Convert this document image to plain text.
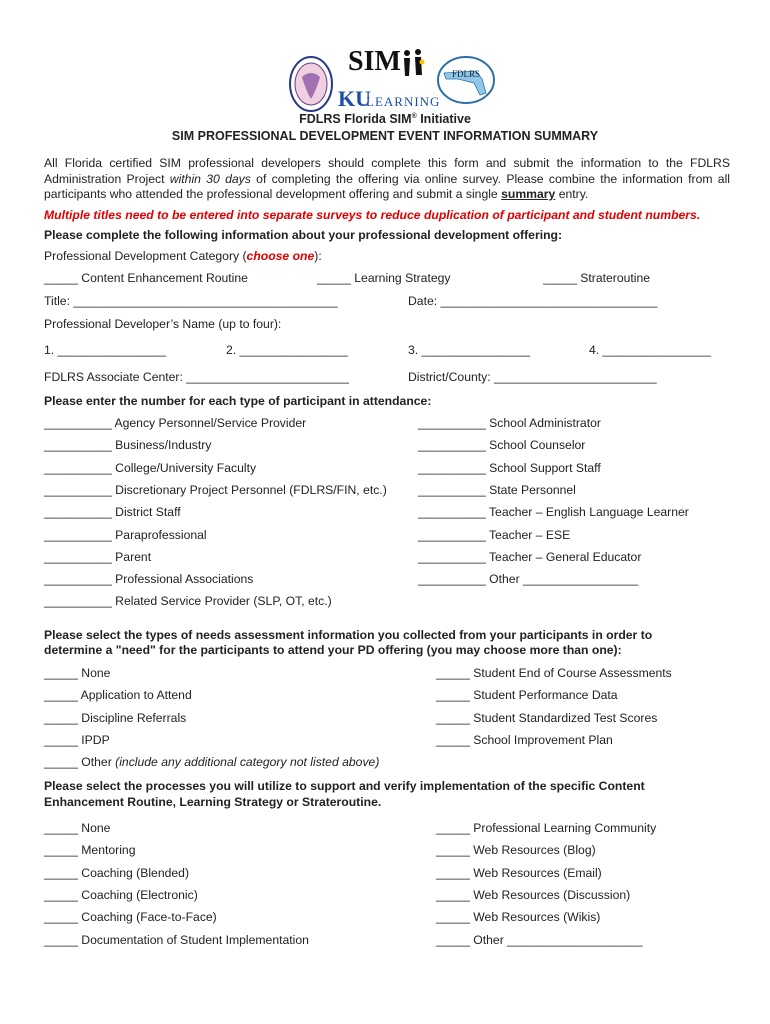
SIM

KU
LEARNING
FDLRS
FDLRS Florida SIM® Initiative
SIM PROFESSIONAL DEVELOPMENT EVENT INFORMATION SUMMARY
All Florida certified SIM professional developers should complete this form and submit the information to the FDLRS Administration Project within 30 days of completing the offering via online survey. Please combine the information from all participants who attended the professional development offering and submit a single summary entry.
Multiple titles need to be entered into separate surveys to reduce duplication of participant and student numbers.
Please complete the following information about your professional development offering:
Professional Development Category (choose one):
_____ Content Enhancement Routine	_____ Learning Strategy	_____ Strateroutine
Title: _______________________________________	Date: ________________________________
Professional Developer’s Name (up to four):
1. ________________	2. ________________	3. ________________	4. ________________
FDLRS Associate Center: ________________________	District/County: ________________________
Please enter the number for each type of participant in attendance:
__________ Agency Personnel/Service Provider
__________ Business/Industry
__________ College/University Faculty
__________ Discretionary Project Personnel (FDLRS/FIN, etc.)
__________ District Staff
__________ Paraprofessional
__________ Parent
__________ Professional Associations
__________ Related Service Provider (SLP, OT, etc.)
__________ School Administrator
__________ School Counselor
__________ School Support Staff
__________ State Personnel
__________ Teacher – English Language Learner
__________ Teacher – ESE
__________ Teacher – General Educator
__________ Other _________________
Please select the types of needs assessment information you collected from your participants in order to
determine a "need" for the participants to attend your PD offering (you may choose more than one):
_____ None
_____ Application to Attend
_____ Discipline Referrals
_____ IPDP
_____ Student End of Course Assessments
_____ Student Performance Data
_____ Student Standardized Test Scores
_____ School Improvement Plan
_____ Other (include any additional category not listed above)
Please select the processes you will utilize to support and verify implementation of the specific Content
Enhancement Routine, Learning Strategy or Strateroutine.
_____ None
_____ Mentoring
_____ Coaching (Blended)
_____ Coaching (Electronic)
_____ Coaching (Face-to-Face)
_____ Documentation of Student Implementation
_____ Professional Learning Community
_____ Web Resources (Blog)
_____ Web Resources (Email)
_____ Web Resources (Discussion)
_____ Web Resources (Wikis)
_____ Other ____________________
